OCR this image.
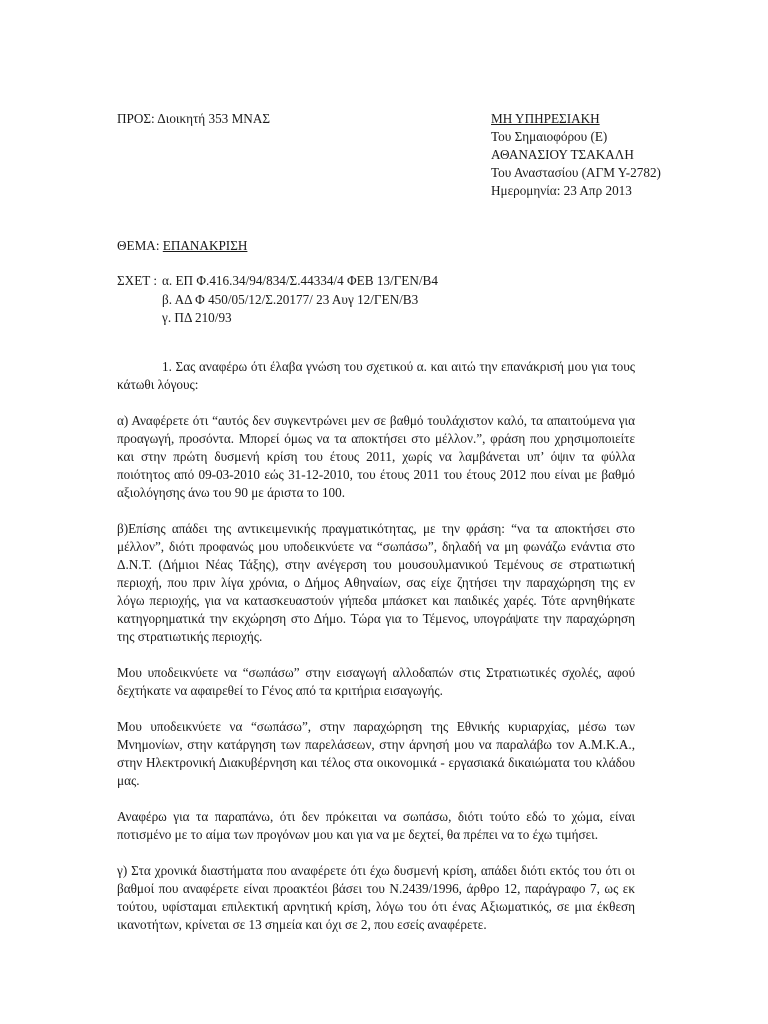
ΠΡΟΣ: Διοικητή 353 ΜΝΑΣ	ΜΗ ΥΠΗΡΕΣΙΑΚΗ
Του Σημαιοφόρου (Ε)
ΑΘΑΝΑΣΙΟΥ ΤΣΑΚΑΛΗ
Του Αναστασίου (ΑΓΜ Υ-2782)
Ημερομηνία: 23 Απρ 2013
ΘΕΜΑ: ΕΠΑΝΑΚΡΙΣΗ
ΣΧΕΤ : α. ΕΠ Φ.416.34/94/834/Σ.44334/4 ΦΕΒ 13/ΓΕΝ/Β4
β. ΑΔ Φ 450/05/12/Σ.20177/ 23 Αυγ 12/ΓΕΝ/Β3
γ. ΠΔ 210/93

1. Σας αναφέρω ότι έλαβα γνώση του σχετικού α. και αιτώ την επανάκρισή μου για τους κάτωθι λόγους:

α) Αναφέρετε ότι “αυτός δεν συγκεντρώνει μεν σε βαθμό τουλάχιστον καλό, τα απαιτούμενα για προαγωγή, προσόντα. Μπορεί όμως να τα αποκτήσει στο μέλλον.”, φράση που χρησιμοποιείτε και στην πρώτη δυσμενή κρίση του έτους 2011, χωρίς να λαμβάνεται υπ’ όψιν τα φύλλα ποιότητος από 09-03-2010 εώς 31-12-2010, του έτους 2011 του έτους 2012 που είναι με βαθμό αξιολόγησης άνω του 90 με άριστα το 100.

β)Επίσης απάδει της αντικειμενικής πραγματικότητας, με την φράση: “να τα αποκτήσει στο μέλλον”, διότι προφανώς μου υποδεικνύετε να “σωπάσω”, δηλαδή να μη φωνάζω ενάντια στο Δ.Ν.Τ. (Δήμιοι Νέας Τάξης), στην ανέγερση του μουσουλμανικού Τεμένους σε στρατιωτική περιοχή, που πριν λίγα χρόνια, ο Δήμος Αθηναίων, σας είχε ζητήσει την παραχώρηση της εν λόγω περιοχής, για να κατασκευαστούν γήπεδα μπάσκετ και παιδικές χαρές. Τότε αρνηθήκατε κατηγορηματικά την εκχώρηση στο Δήμο. Τώρα για το Τέμενος, υπογράψατε την παραχώρηση της στρατιωτικής περιοχής.

Μου υποδεικνύετε να “σωπάσω” στην εισαγωγή αλλοδαπών στις Στρατιωτικές σχολές, αφού δεχτήκατε να αφαιρεθεί το Γένος από τα κριτήρια εισαγωγής.

Μου υποδεικνύετε να “σωπάσω”, στην παραχώρηση της Εθνικής κυριαρχίας, μέσω των Μνημονίων, στην κατάργηση των παρελάσεων, στην άρνησή μου να παραλάβω τον Α.Μ.Κ.Α., στην Ηλεκτρονική Διακυβέρνηση και τέλος στα οικονομικά - εργασιακά δικαιώματα του κλάδου μας.

Αναφέρω για τα παραπάνω, ότι δεν πρόκειται να σωπάσω, διότι τούτο εδώ το χώμα, είναι ποτισμένο με το αίμα των προγόνων μου και για να με δεχτεί, θα πρέπει να το έχω τιμήσει.

γ) Στα χρονικά διαστήματα που αναφέρετε ότι έχω δυσμενή κρίση, απάδει διότι εκτός του ότι οι βαθμοί που αναφέρετε είναι προακτέοι βάσει του Ν.2439/1996, άρθρο 12, παράγραφο 7, ως εκ τούτου, υφίσταμαι επιλεκτική αρνητική κρίση, λόγω του ότι ένας Αξιωματικός, σε μια έκθεση ικανοτήτων, κρίνεται σε 13 σημεία και όχι σε 2, που εσείς αναφέρετε.
